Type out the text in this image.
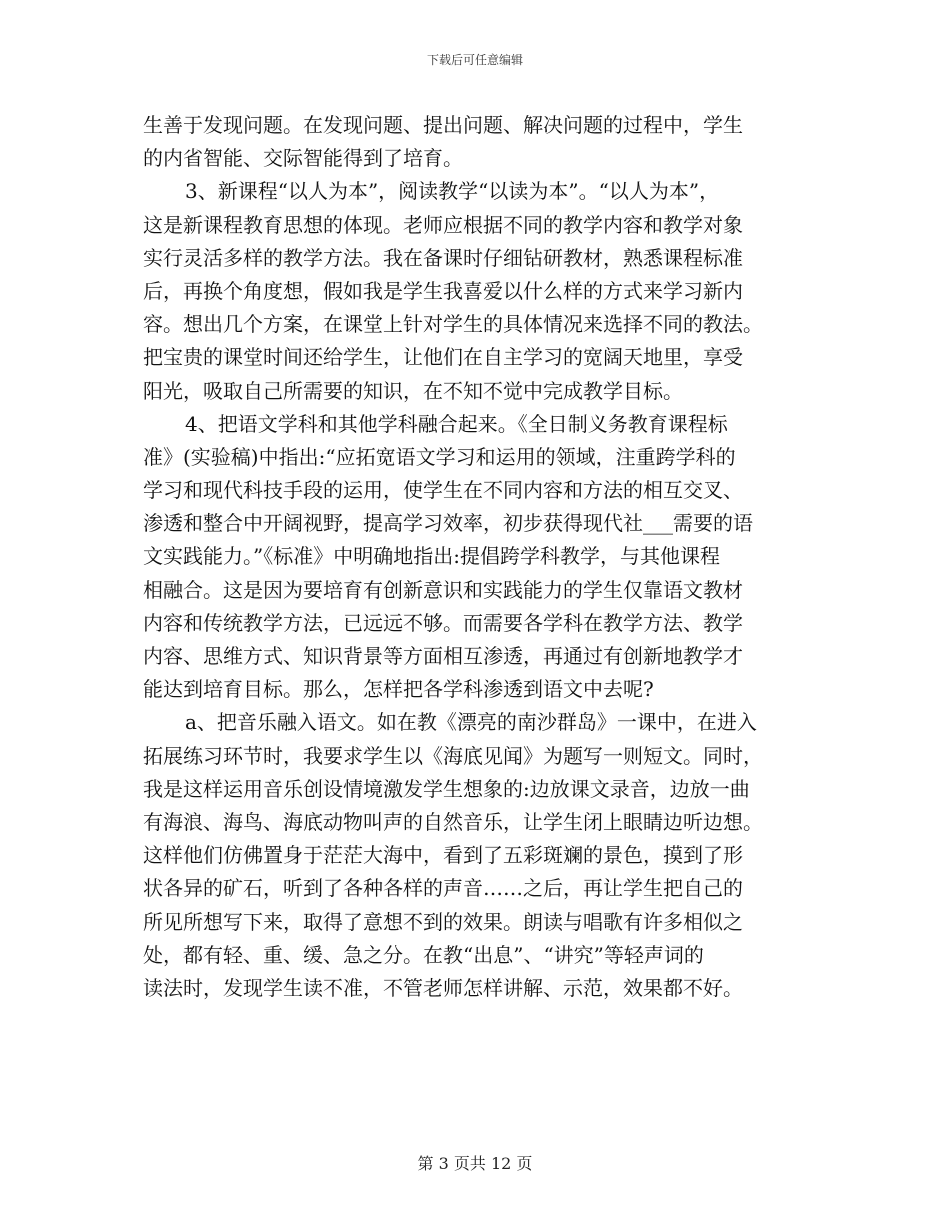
下载后可任意编辑
生善于发现问题。在发现问题、提出问题、解决问题的过程中，学生
的内省智能、交际智能得到了培育。
3、新课程“以人为本”，阅读教学“以读为本”。“以人为本”，
这是新课程教育思想的体现。老师应根据不同的教学内容和教学对象
实行灵活多样的教学方法。我在备课时仔细钻研教材，熟悉课程标准
后，再换个角度想，假如我是学生我喜爱以什么样的方式来学习新内
容。想出几个方案，在课堂上针对学生的具体情况来选择不同的教法。
把宝贵的课堂时间还给学生，让他们在自主学习的宽阔天地里，享受
阳光，吸取自己所需要的知识，在不知不觉中完成教学目标。
4、把语文学科和其他学科融合起来。《全日制义务教育课程标
准》(实验稿)中指出:“应拓宽语文学习和运用的领域，注重跨学科的
学习和现代科技手段的运用，使学生在不同内容和方法的相互交叉、
渗透和整合中开阔视野，提高学习效率，初步获得现代社___需要的语
文实践能力。”《标准》中明确地指出:提倡跨学科教学，与其他课程
相融合。这是因为要培育有创新意识和实践能力的学生仅靠语文教材
内容和传统教学方法，已远远不够。而需要各学科在教学方法、教学
内容、思维方式、知识背景等方面相互渗透，再通过有创新地教学才
能达到培育目标。那么，怎样把各学科渗透到语文中去呢?
a、把音乐融入语文。如在教《漂亮的南沙群岛》一课中，在进入
拓展练习环节时，我要求学生以《海底见闻》为题写一则短文。同时，
我是这样运用音乐创设情境激发学生想象的:边放课文录音，边放一曲
有海浪、海鸟、海底动物叫声的自然音乐，让学生闭上眼睛边听边想。
这样他们仿佛置身于茫茫大海中，看到了五彩斑斓的景色，摸到了形
状各异的矿石，听到了各种各样的声音……之后，再让学生把自己的
所见所想写下来，取得了意想不到的效果。朗读与唱歌有许多相似之
处，都有轻、重、缓、急之分。在教“出息”、“讲究”等轻声词的
读法时，发现学生读不准，不管老师怎样讲解、示范，效果都不好。
第 3 页共 12 页
